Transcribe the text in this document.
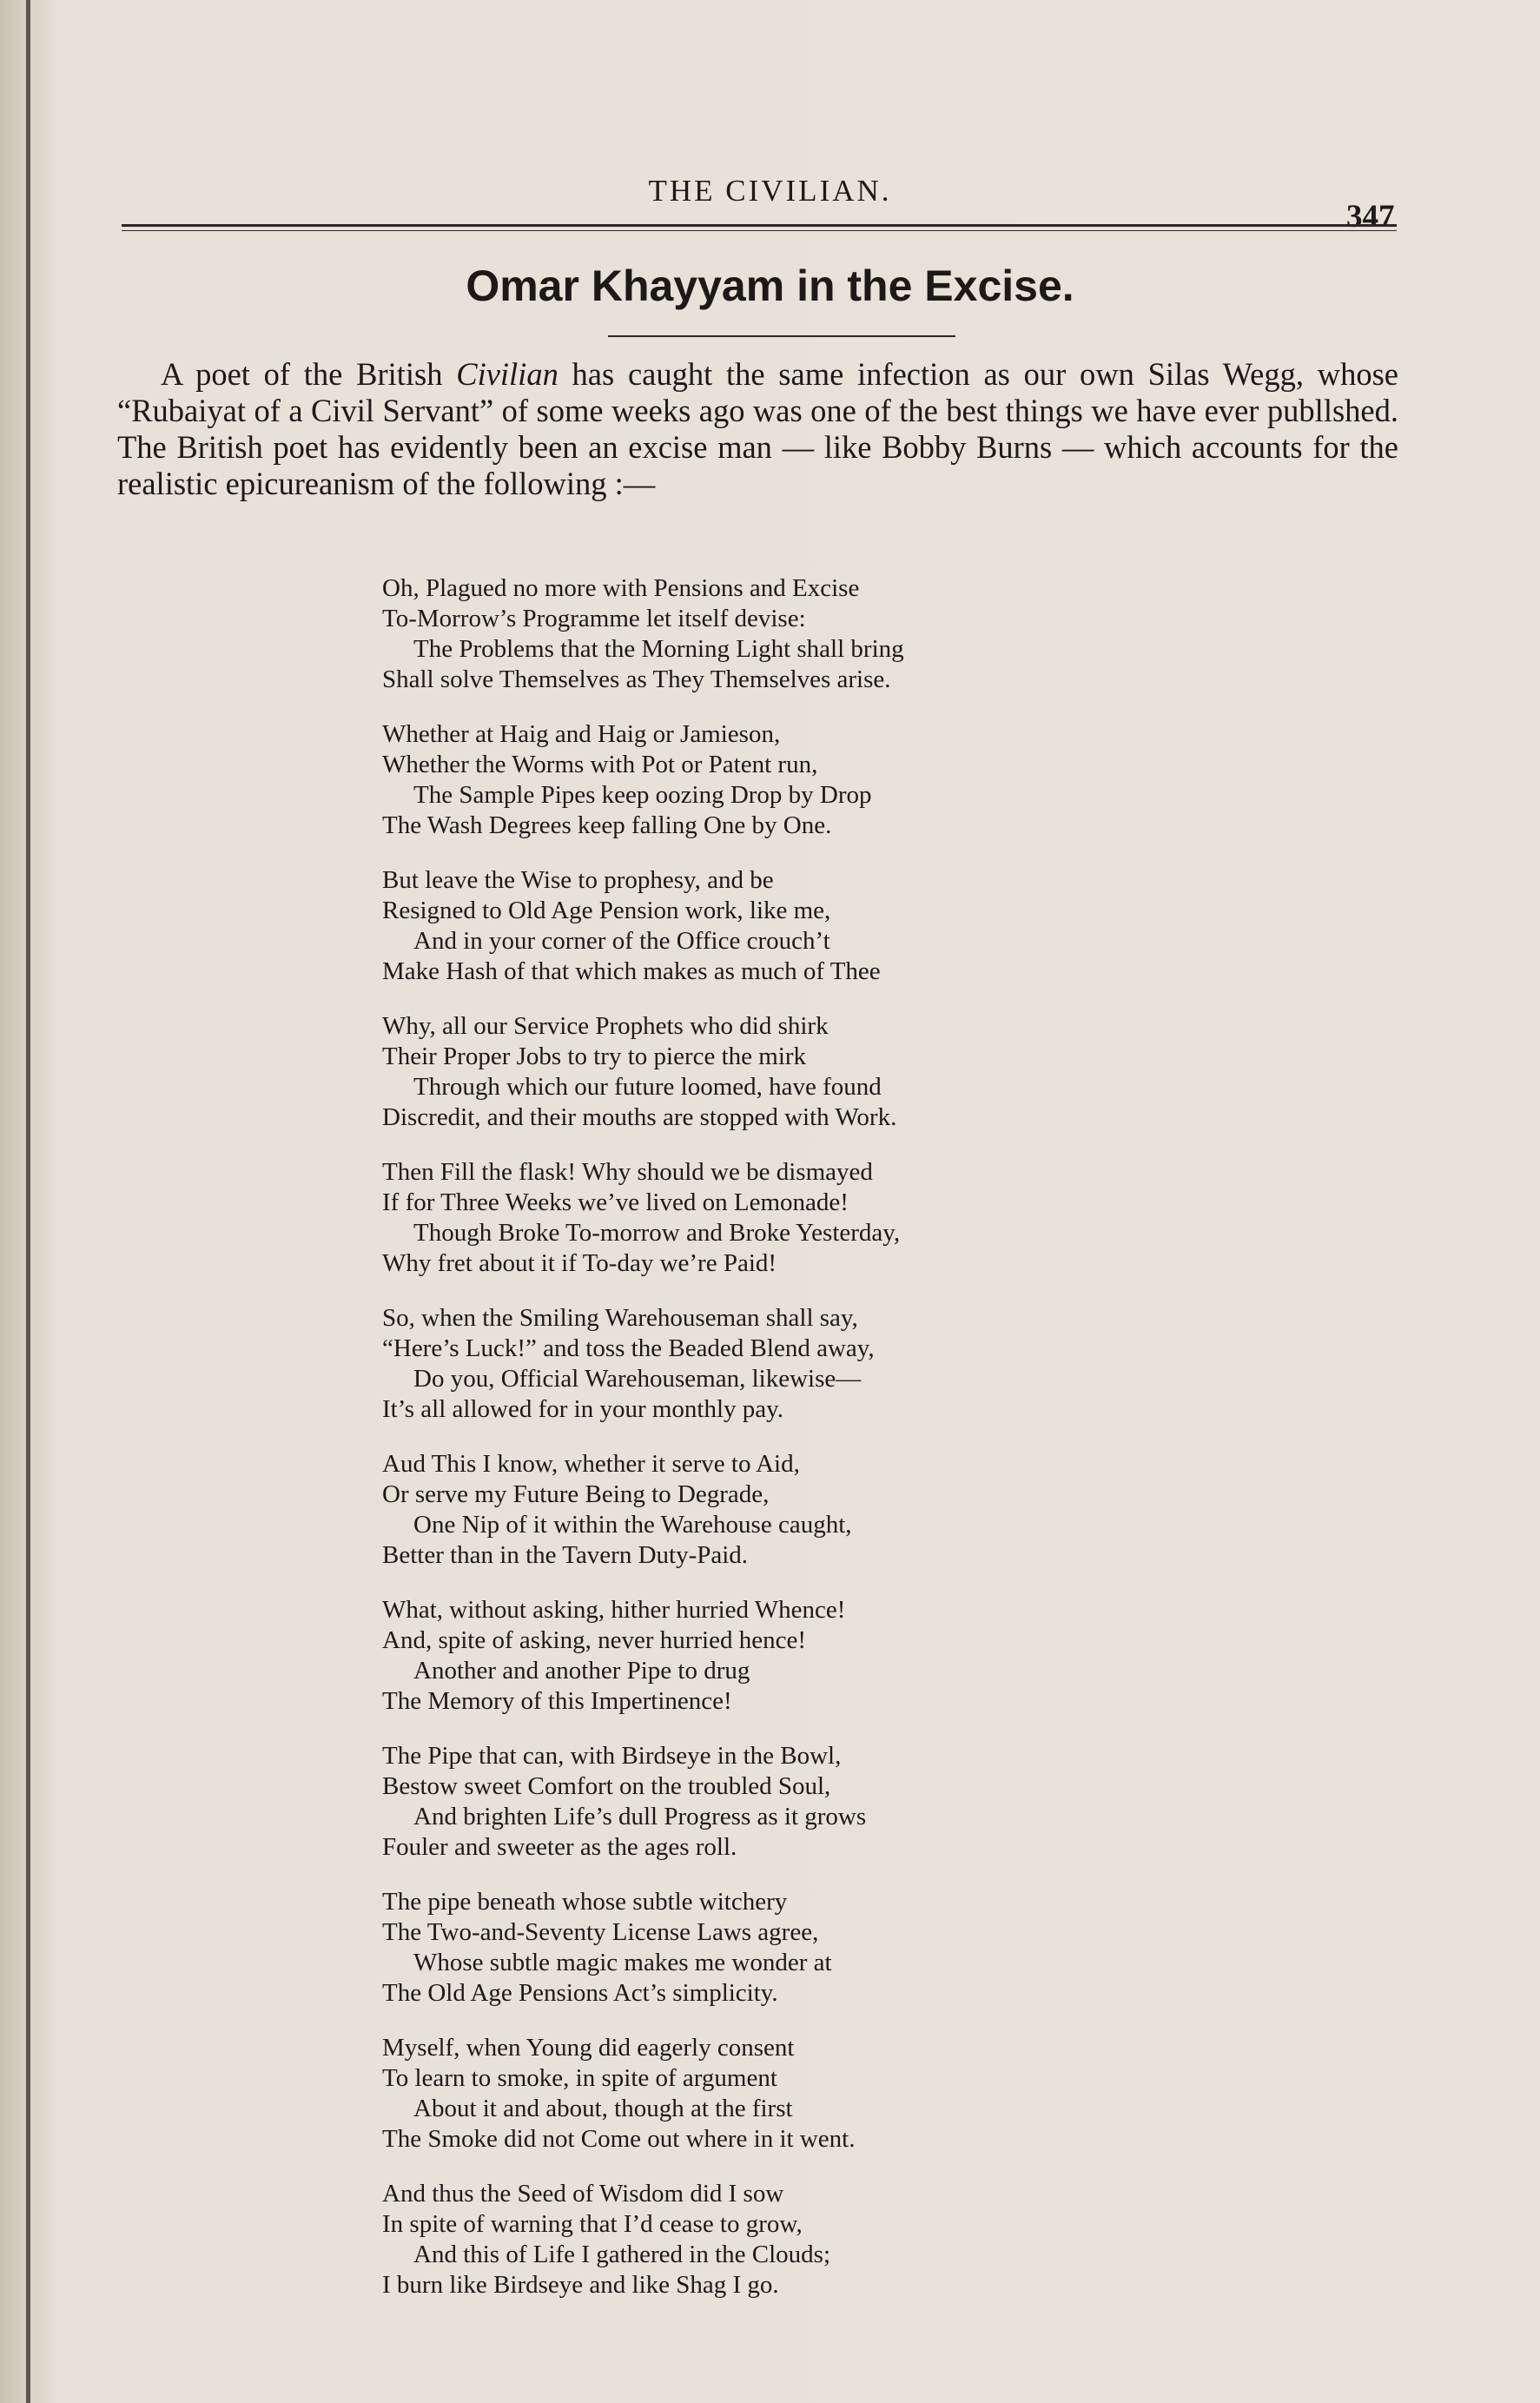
THE CIVILIAN.
347
Omar Khayyam in the Excise.

A poet of the British Civilian has caught the same infection as our own Silas Wegg, whose “Rubaiyat of a Civil Servant” of some weeks ago was one of the best things we have ever publlshed. The British poet has evidently been an excise man — like Bobby Burns — which accounts for the realistic epicureanism of the following :—

Oh, Plagued no more with Pensions and Excise
To-Morrow’s Programme let itself devise:
The Problems that the Morning Light shall bring
Shall solve Themselves as They Themselves arise.
Whether at Haig and Haig or Jamieson,
Whether the Worms with Pot or Patent run,
The Sample Pipes keep oozing Drop by Drop
The Wash Degrees keep falling One by One.
But leave the Wise to prophesy, and be
Resigned to Old Age Pension work, like me,
And in your corner of the Office crouch’t
Make Hash of that which makes as much of Thee
Why, all our Service Prophets who did shirk
Their Proper Jobs to try to pierce the mirk
Through which our future loomed, have found
Discredit, and their mouths are stopped with Work.
Then Fill the flask! Why should we be dismayed
If for Three Weeks we’ve lived on Lemonade!
Though Broke To-morrow and Broke Yesterday,
Why fret about it if To-day we’re Paid!
So, when the Smiling Warehouseman shall say,
“Here’s Luck!” and toss the Beaded Blend away,
Do you, Official Warehouseman, likewise—
It’s all allowed for in your monthly pay.
Aud This I know, whether it serve to Aid,
Or serve my Future Being to Degrade,
One Nip of it within the Warehouse caught,
Better than in the Tavern Duty-Paid.
What, without asking, hither hurried Whence!
And, spite of asking, never hurried hence!
Another and another Pipe to drug
The Memory of this Impertinence!
The Pipe that can, with Birdseye in the Bowl,
Bestow sweet Comfort on the troubled Soul,
And brighten Life’s dull Progress as it grows
Fouler and sweeter as the ages roll.
The pipe beneath whose subtle witchery
The Two-and-Seventy License Laws agree,
Whose subtle magic makes me wonder at
The Old Age Pensions Act’s simplicity.
Myself, when Young did eagerly consent
To learn to smoke, in spite of argument
About it and about, though at the first
The Smoke did not Come out where in it went.
And thus the Seed of Wisdom did I sow
In spite of warning that I’d cease to grow,
And this of Life I gathered in the Clouds;
I burn like Birdseye and like Shag I go.
